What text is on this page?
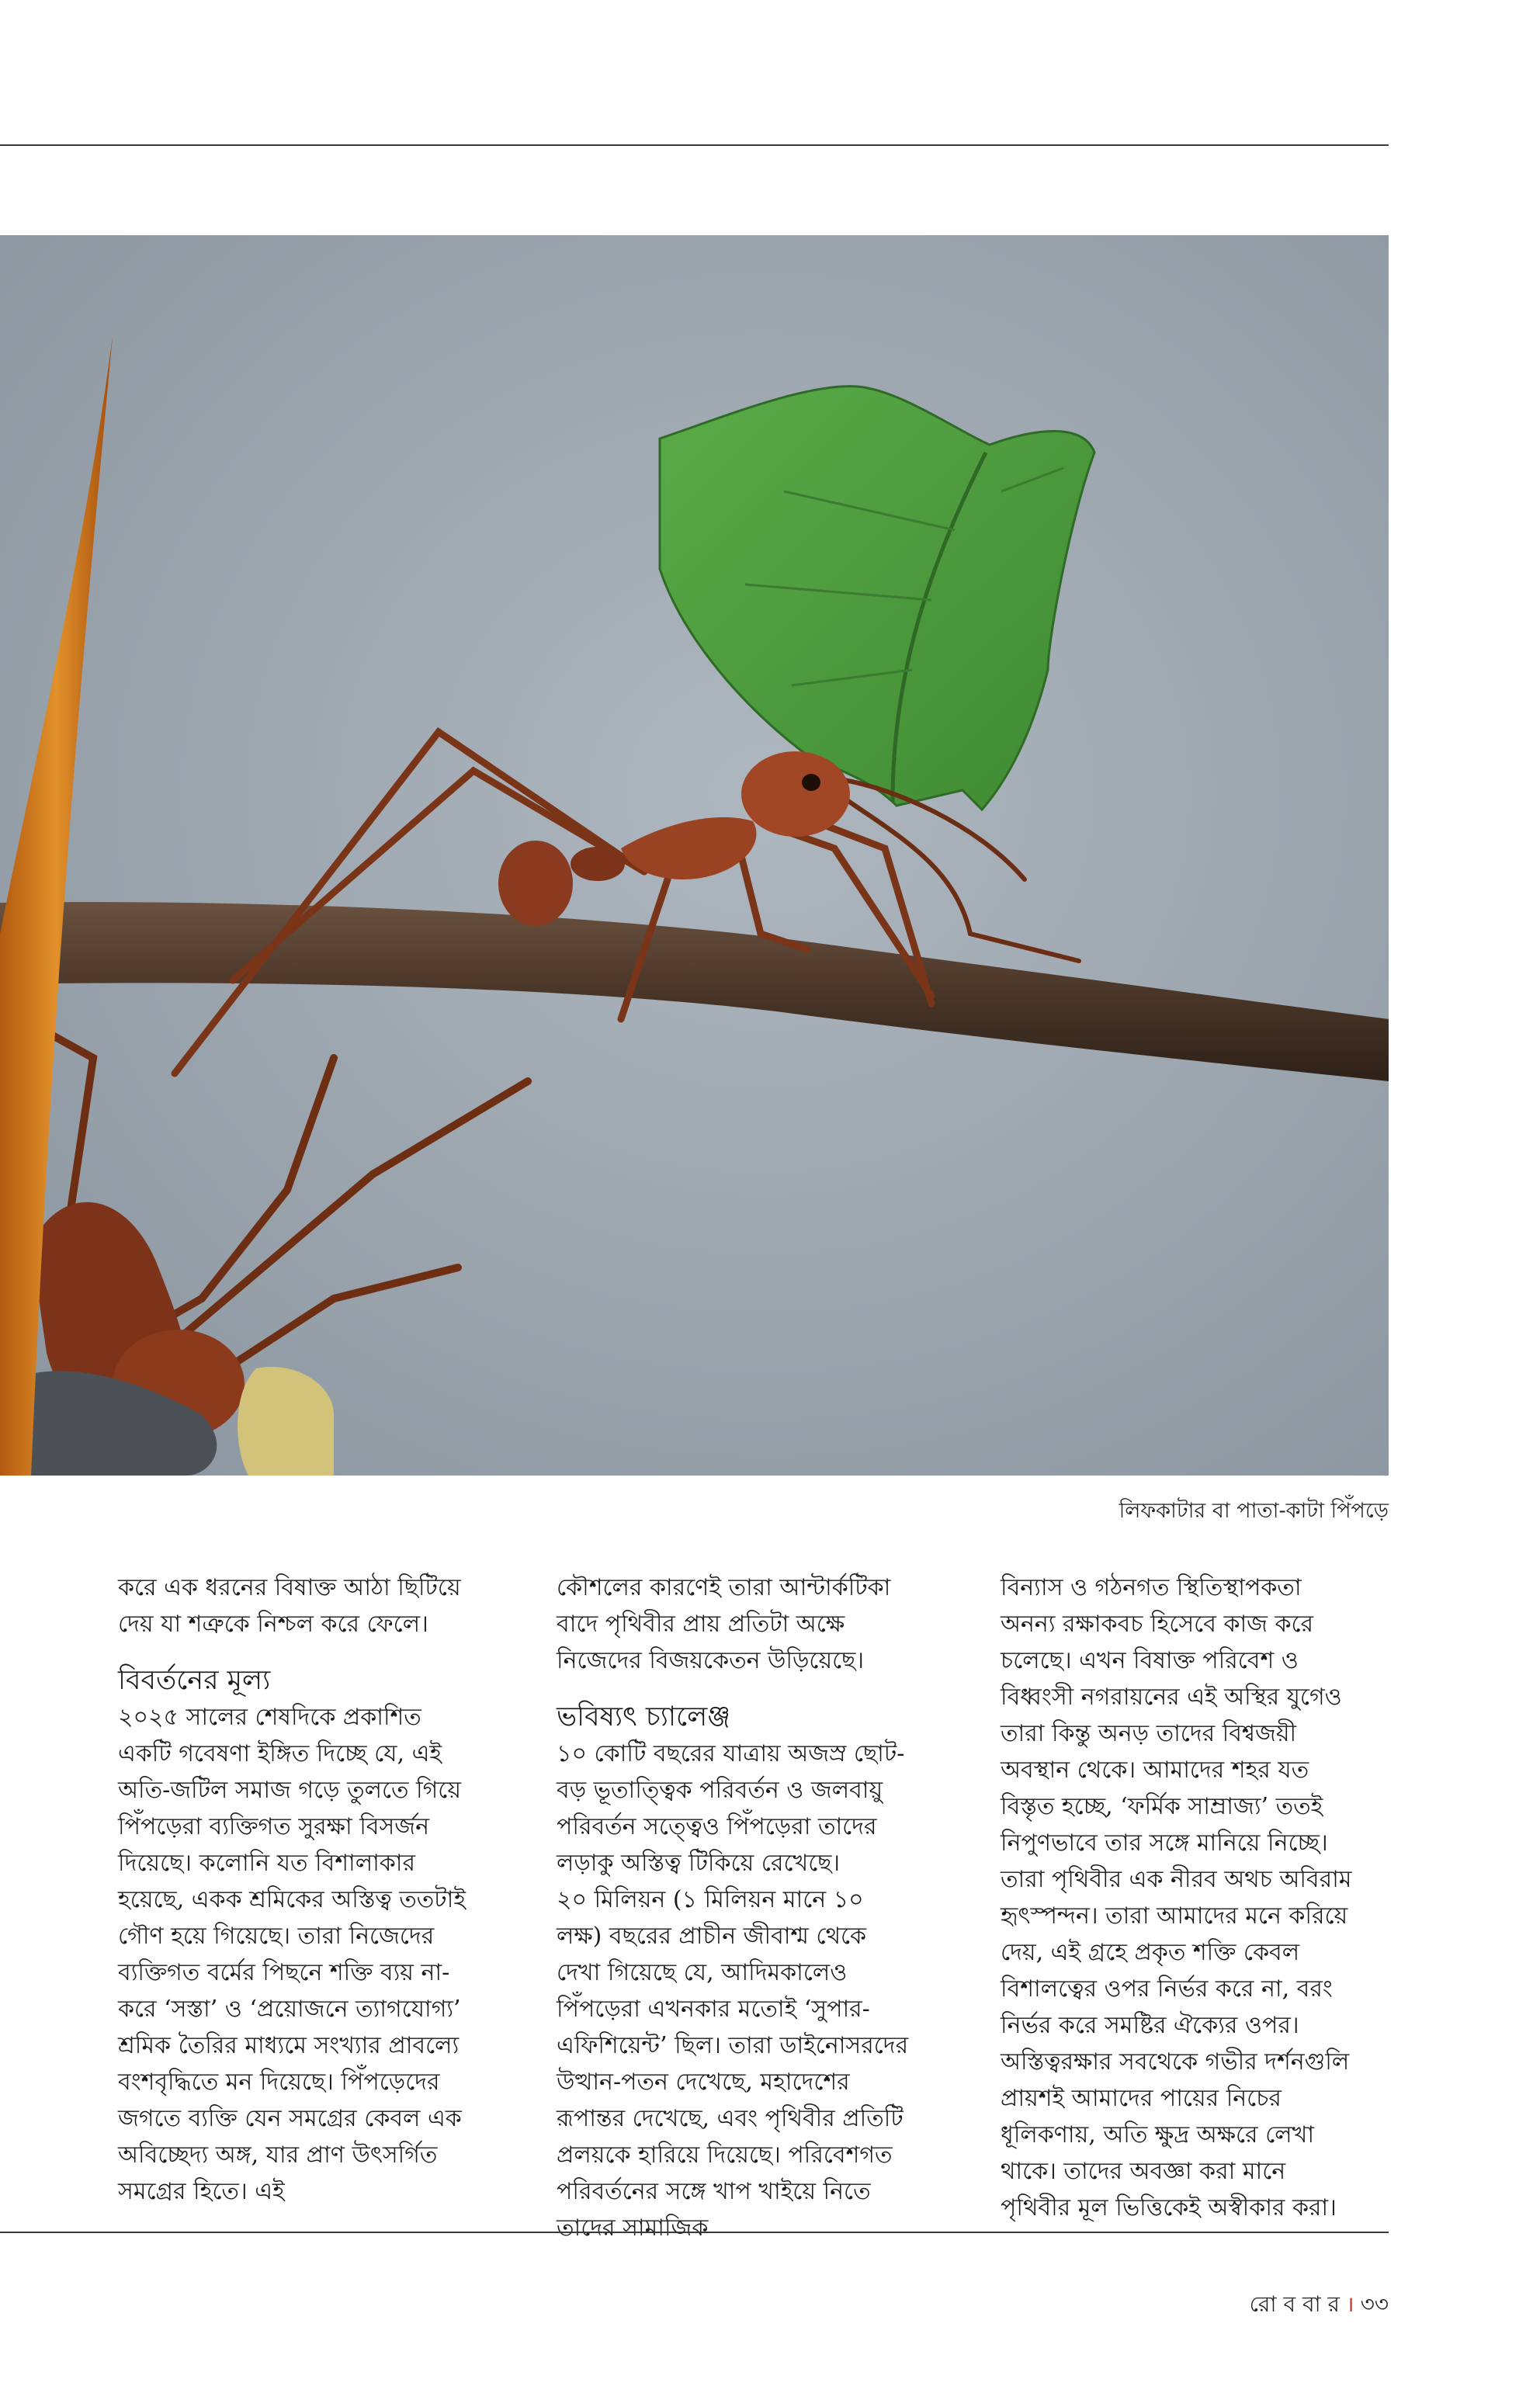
লিফকাটার বা পাতা-কাটা পিঁপড়ে

করে এক ধরনের বিষাক্ত আঠা ছিটিয়ে দেয় যা শত্রুকে নিশ্চল করে ফেলে।

বিবর্তনের মূল্য

২০২৫ সালের শেষদিকে প্রকাশিত একটি গবেষণা ইঙ্গিত দিচ্ছে যে, এই অতি-জটিল সমাজ গড়ে তুলতে গিয়ে পিঁপড়েরা ব্যক্তিগত সুরক্ষা বিসর্জন দিয়েছে। কলোনি যত বিশালাকার হয়েছে, একক শ্রমিকের অস্তিত্ব ততটাই গৌণ হয়ে গিয়েছে। তারা নিজেদের ব্যক্তিগত বর্মের পিছনে শক্তি ব্যয় না-করে ‘সস্তা’ ও ‘প্রয়োজনে ত্যাগযোগ্য’ শ্রমিক তৈরির মাধ্যমে সংখ্যার প্রাবল্যে বংশবৃদ্ধিতে মন দিয়েছে। পিঁপড়েদের জগতে ব্যক্তি যেন সমগ্রের কেবল এক অবিচ্ছেদ্য অঙ্গ, যার প্রাণ উৎসর্গিত সমগ্রের হিতে। এই

কৌশলের কারণেই তারা আন্টার্কটিকা বাদে পৃথিবীর প্রায় প্রতিটা অক্ষে নিজেদের বিজয়কেতন উড়িয়েছে।

ভবিষ্যৎ চ্যালেঞ্জ

১০ কোটি বছরের যাত্রায় অজস্র ছোট-বড় ভূতাত্ত্বিক পরিবর্তন ও জলবায়ু পরিবর্তন সত্ত্বেও পিঁপড়েরা তাদের লড়াকু অস্তিত্ব টিকিয়ে রেখেছে।

২০ মিলিয়ন (১ মিলিয়ন মানে ১০ লক্ষ) বছরের প্রাচীন জীবাশ্ম থেকে দেখা গিয়েছে যে, আদিমকালেও পিঁপড়েরা এখনকার মতোই ‘সুপার-এফিশিয়েন্ট’ ছিল। তারা ডাইনোসরদের উত্থান-পতন দেখেছে, মহাদেশের রূপান্তর দেখেছে, এবং পৃথিবীর প্রতিটি প্রলয়কে হারিয়ে দিয়েছে। পরিবেশগত পরিবর্তনের সঙ্গে খাপ খাইয়ে নিতে তাদের সামাজিক

বিন্যাস ও গঠনগত স্থিতিস্থাপকতা অনন্য রক্ষাকবচ হিসেবে কাজ করে চলেছে। এখন বিষাক্ত পরিবেশ ও বিধ্বংসী নগরায়নের এই অস্থির যুগেও তারা কিন্তু অনড় তাদের বিশ্বজয়ী অবস্থান থেকে। আমাদের শহর যত বিস্তৃত হচ্ছে, ‘ফর্মিক সাম্রাজ্য’ ততই নিপুণভাবে তার সঙ্গে মানিয়ে নিচ্ছে। তারা পৃথিবীর এক নীরব অথচ অবিরাম হৃৎস্পন্দন। তারা আমাদের মনে করিয়ে দেয়, এই গ্রহে প্রকৃত শক্তি কেবল বিশালত্বের ওপর নির্ভর করে না, বরং নির্ভর করে সমষ্টির ঐক্যের ওপর। অস্তিত্বরক্ষার সবথেকে গভীর দর্শনগুলি প্রায়শই আমাদের পায়ের নিচের ধূলিকণায়, অতি ক্ষুদ্র অক্ষরে লেখা থাকে। তাদের অবজ্ঞা করা মানে পৃথিবীর মূল ভিত্তিকেই অস্বীকার করা।

রো ব বা র । ৩৩
